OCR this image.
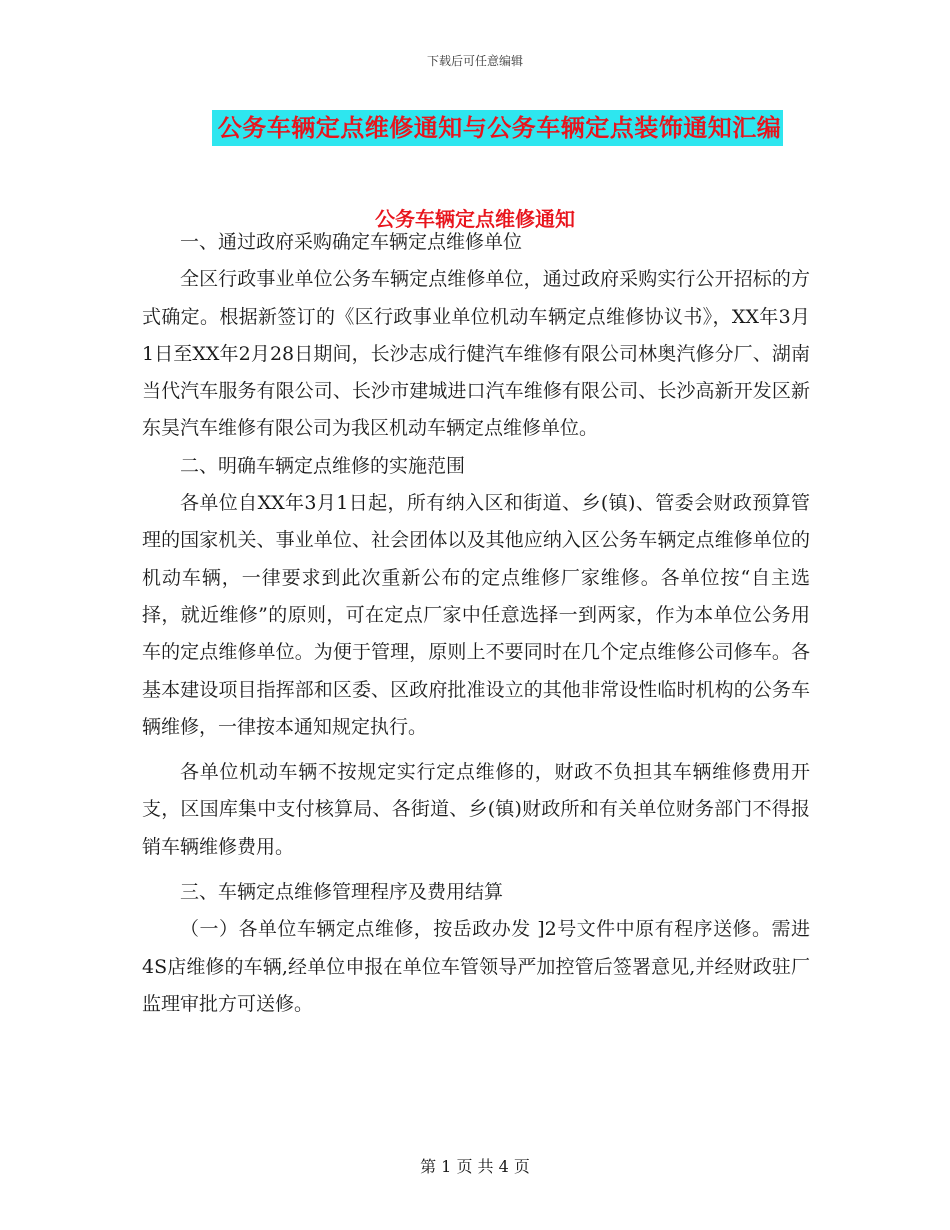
下载后可任意编辑
公务车辆定点维修通知与公务车辆定点装饰通知汇编
公务车辆定点维修通知

一、通过政府采购确定车辆定点维修单位

全区行政事业单位公务车辆定点维修单位，通过政府采购实行公开招标的方式确定。根据新签订的《区行政事业单位机动车辆定点维修协议书》，XX年3月1日至XX年2月28日期间，长沙志成行健汽车维修有限公司林奥汽修分厂、湖南当代汽车服务有限公司、长沙市建城进口汽车维修有限公司、长沙高新开发区新东昊汽车维修有限公司为我区机动车辆定点维修单位。

二、明确车辆定点维修的实施范围

各单位自XX年3月1日起，所有纳入区和街道、乡(镇)、管委会财政预算管理的国家机关、事业单位、社会团体以及其他应纳入区公务车辆定点维修单位的机动车辆，一律要求到此次重新公布的定点维修厂家维修。各单位按“自主选择，就近维修”的原则，可在定点厂家中任意选择一到两家，作为本单位公务用车的定点维修单位。为便于管理，原则上不要同时在几个定点维修公司修车。各基本建设项目指挥部和区委、区政府批准设立的其他非常设性临时机构的公务车辆维修，一律按本通知规定执行。

各单位机动车辆不按规定实行定点维修的，财政不负担其车辆维修费用开支，区国库集中支付核算局、各街道、乡(镇)财政所和有关单位财务部门不得报销车辆维修费用。

三、车辆定点维修管理程序及费用结算

（一）各单位车辆定点维修，按岳政办发 ]2号文件中原有程序送修。需进4S店维修的车辆,经单位申报在单位车管领导严加控管后签署意见,并经财政驻厂监理审批方可送修。

第 1 页 共 4 页
